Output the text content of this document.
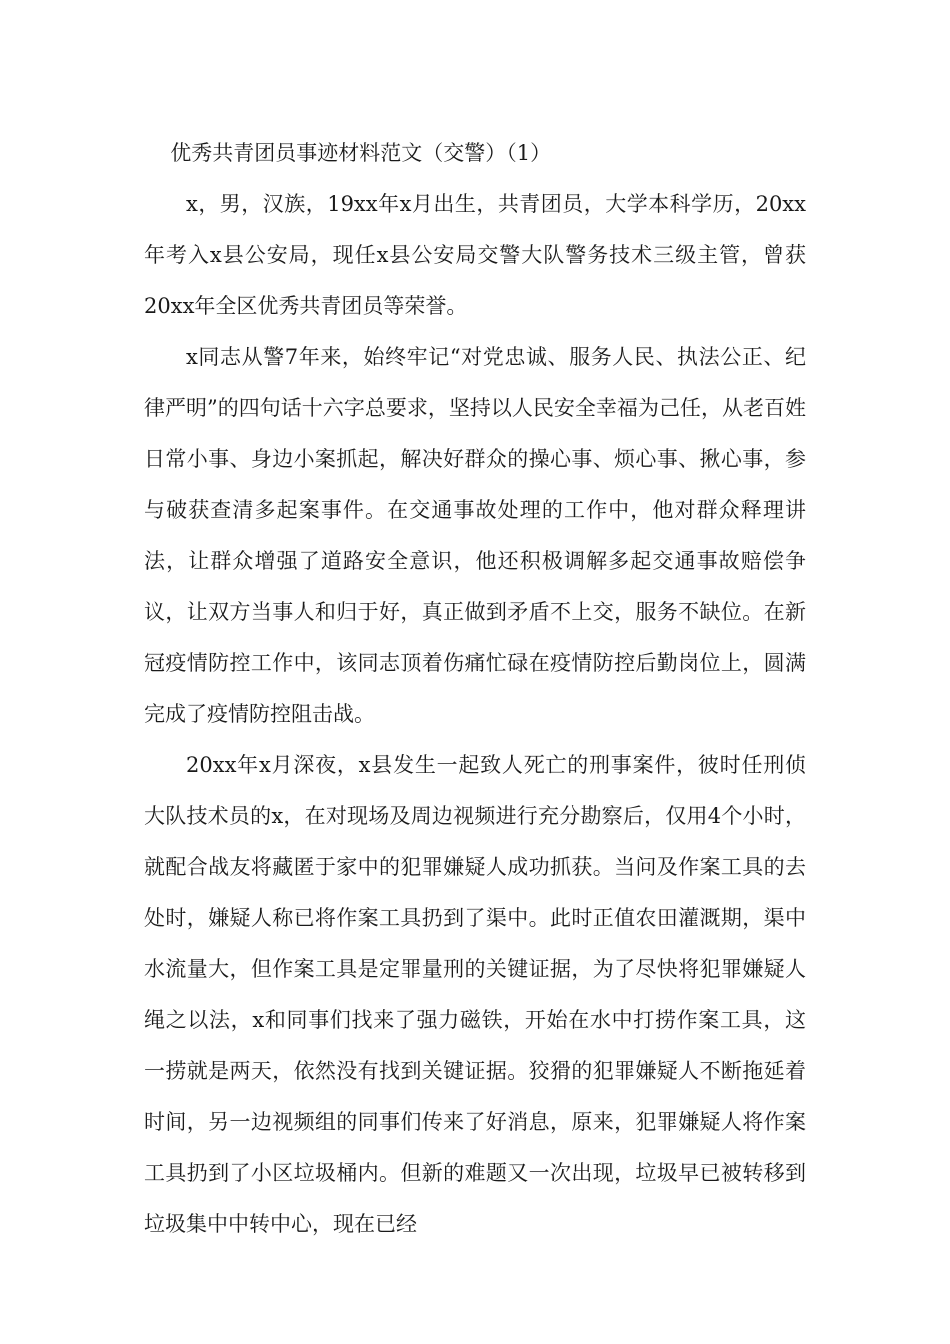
优秀共青团员事迹材料范文（交警）（1）

x，男，汉族，19xx年x月出生，共青团员，大学本科学历，20xx年考入x县公安局，现任x县公安局交警大队警务技术三级主管，曾获20xx年全区优秀共青团员等荣誉。

x同志从警7年来，始终牢记“对党忠诚、服务人民、执法公正、纪律严明”的四句话十六字总要求，坚持以人民安全幸福为己任，从老百姓日常小事、身边小案抓起，解决好群众的操心事、烦心事、揪心事，参与破获查清多起案事件。在交通事故处理的工作中，他对群众释理讲法，让群众增强了道路安全意识，他还积极调解多起交通事故赔偿争议，让双方当事人和归于好，真正做到矛盾不上交，服务不缺位。在新冠疫情防控工作中，该同志顶着伤痛忙碌在疫情防控后勤岗位上，圆满完成了疫情防控阻击战。

20xx年x月深夜，x县发生一起致人死亡的刑事案件，彼时任刑侦大队技术员的x，在对现场及周边视频进行充分勘察后，仅用4个小时，就配合战友将藏匿于家中的犯罪嫌疑人成功抓获。当问及作案工具的去处时，嫌疑人称已将作案工具扔到了渠中。此时正值农田灌溉期，渠中水流量大，但作案工具是定罪量刑的关键证据，为了尽快将犯罪嫌疑人绳之以法，x和同事们找来了强力磁铁，开始在水中打捞作案工具，这一捞就是两天，依然没有找到关键证据。狡猾的犯罪嫌疑人不断拖延着时间，另一边视频组的同事们传来了好消息，原来，犯罪嫌疑人将作案工具扔到了小区垃圾桶内。但新的难题又一次出现，垃圾早已被转移到垃圾集中中转中心，现在已经
